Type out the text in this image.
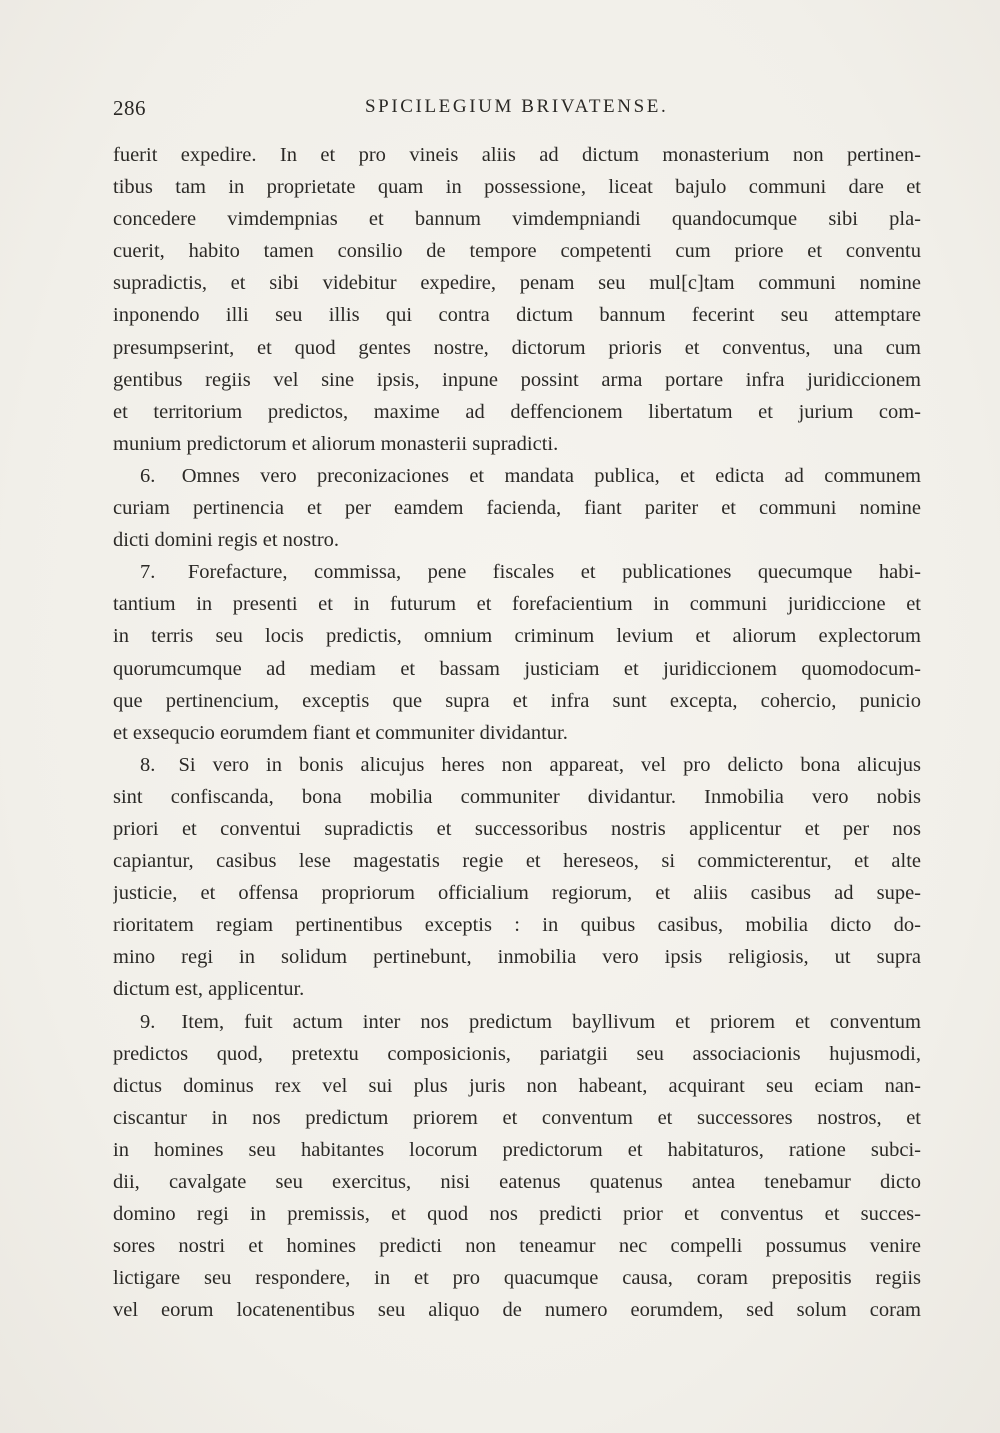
286	SPICILEGIUM BRIVATENSE.
fuerit expedire. In et pro vineis aliis ad dictum monasterium non pertinen-
tibus tam in proprietate quam in possessione, liceat bajulo communi dare et
concedere vimdempnias et bannum vimdempniandi quandocumque sibi pla-
cuerit, habito tamen consilio de tempore competenti cum priore et conventu
supradictis, et sibi videbitur expedire, penam seu mul[c]tam communi nomine
inponendo illi seu illis qui contra dictum bannum fecerint seu attemptare
presumpserint, et quod gentes nostre, dictorum prioris et conventus, una cum
gentibus regiis vel sine ipsis, inpune possint arma portare infra juridiccionem
et territorium predictos, maxime ad deffencionem libertatum et jurium com-
munium predictorum et aliorum monasterii supradicti.
6. Omnes vero preconizaciones et mandata publica, et edicta ad communem
curiam pertinencia et per eamdem facienda, fiant pariter et communi nomine
dicti domini regis et nostro.
7. Forefacture, commissa, pene fiscales et publicationes quecumque habi-
tantium in presenti et in futurum et forefacientium in communi juridiccione et
in terris seu locis predictis, omnium criminum levium et aliorum explectorum
quorumcumque ad mediam et bassam justiciam et juridiccionem quomodocum-
que pertinencium, exceptis que supra et infra sunt excepta, cohercio, punicio
et exsequcio eorumdem fiant et communiter dividantur.
8. Si vero in bonis alicujus heres non appareat, vel pro delicto bona alicujus
sint confiscanda, bona mobilia communiter dividantur. Inmobilia vero nobis
priori et conventui supradictis et successoribus nostris applicentur et per nos
capiantur, casibus lese magestatis regie et hereseos, si commicterentur, et alte
justicie, et offensa propriorum officialium regiorum, et aliis casibus ad supe-
rioritatem regiam pertinentibus exceptis : in quibus casibus, mobilia dicto do-
mino regi in solidum pertinebunt, inmobilia vero ipsis religiosis, ut supra
dictum est, applicentur.
9. Item, fuit actum inter nos predictum bayllivum et priorem et conventum
predictos quod, pretextu composicionis, pariatgii seu associacionis hujusmodi,
dictus dominus rex vel sui plus juris non habeant, acquirant seu eciam nan-
ciscantur in nos predictum priorem et conventum et successores nostros, et
in homines seu habitantes locorum predictorum et habitaturos, ratione subci-
dii, cavalgate seu exercitus, nisi eatenus quatenus antea tenebamur dicto
domino regi in premissis, et quod nos predicti prior et conventus et succes-
sores nostri et homines predicti non teneamur nec compelli possumus venire
lictigare seu respondere, in et pro quacumque causa, coram prepositis regiis
vel eorum locatenentibus seu aliquo de numero eorumdem, sed solum coram
